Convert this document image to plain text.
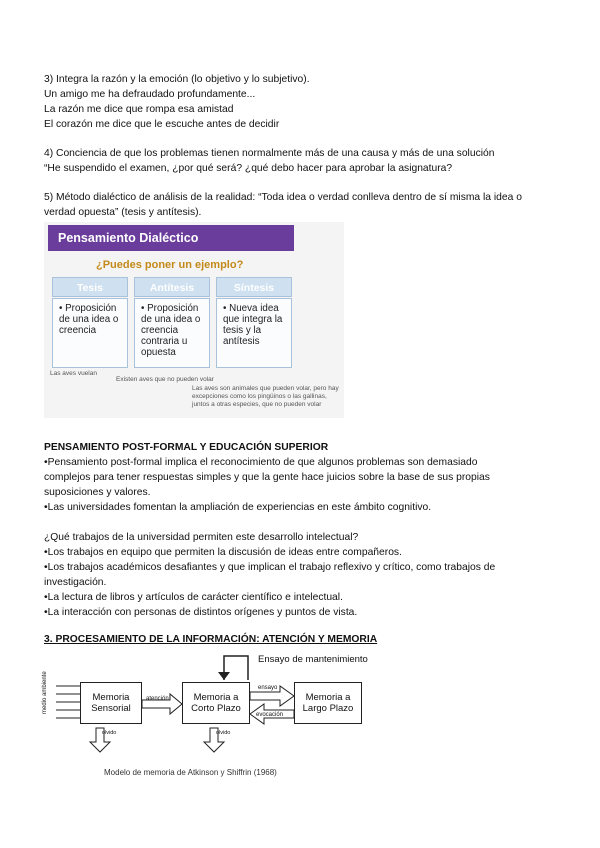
3) Integra la razón y la emoción (lo objetivo y lo subjetivo).
Un amigo me ha defraudado profundamente...
La razón me dice que rompa esa amistad
El corazón me dice que le escuche antes de decidir
4) Conciencia de que los problemas tienen normalmente más de una causa y más de una solución
“He suspendido el examen, ¿por qué será? ¿qué debo hacer para aprobar la asignatura?
5) Método dialéctico de análisis de la realidad: “Toda idea o verdad conlleva dentro de sí misma la idea o
verdad opuesta” (tesis y antítesis).
Pensamiento Dialéctico
¿Puedes poner un ejemplo?
Tesis	Antítesis	Síntesis
• Proposición de una idea o creencia
• Proposición de una idea o creencia contraria u opuesta
• Nueva idea que integra la tesis y la antítesis
Las aves vuelan
Existen aves que no pueden volar
Las aves son animales que pueden volar, pero hay excepciones como los pingüinos o las gallinas, juntos a otras especies, que no pueden volar
PENSAMIENTO POST-FORMAL Y EDUCACIÓN SUPERIOR
•Pensamiento post-formal implica el reconocimiento de que algunos problemas son demasiado
complejos para tener respuestas simples y que la gente hace juicios sobre la base de sus propias
suposiciones y valores.
•Las universidades fomentan la ampliación de experiencias en este ámbito cognitivo.
¿Qué trabajos de la universidad permiten este desarrollo intelectual?
•Los trabajos en equipo que permiten la discusión de ideas entre compañeros.
•Los trabajos académicos desafiantes y que implican el trabajo reflexivo y crítico, como trabajos de
investigación.
•La lectura de libros y artículos de carácter científico e intelectual.
•La interacción con personas de distintos orígenes y puntos de vista.
3. PROCESAMIENTO DE LA INFORMACIÓN: ATENCIÓN Y MEMORIA
medio ambiente	Memoria Sensorial
Memoria a Corto Plazo
Memoria a Largo Plazo
atención
ensayo
evocación
Ensayo de mantenimiento
olvido	olvido
Modelo de memoria de Atkinson y Shiffrin (1968)
